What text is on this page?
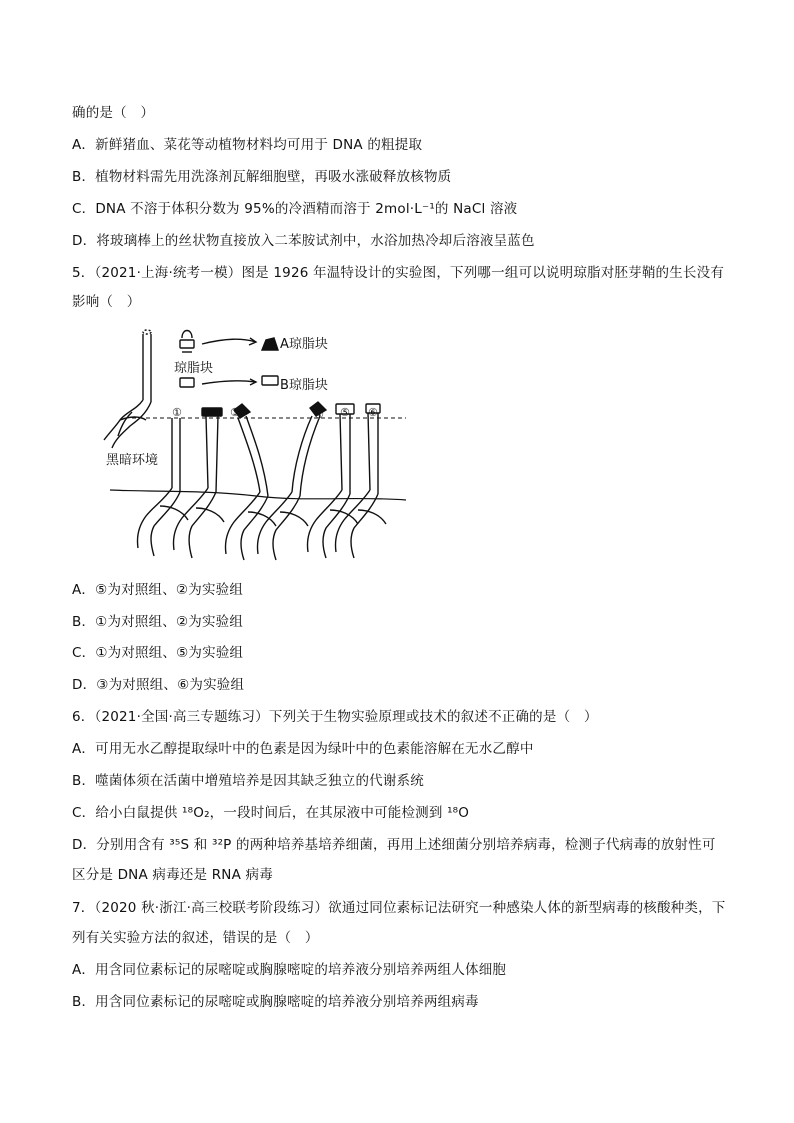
确的是（　）
A．新鲜猪血、菜花等动植物材料均可用于 DNA 的粗提取
B．植物材料需先用洗涤剂瓦解细胞壁，再吸水涨破释放核物质
C．DNA 不溶于体积分数为 95%的冷酒精而溶于 2mol·L⁻¹的 NaCl 溶液
D．将玻璃棒上的丝状物直接放入二苯胺试剂中，水浴加热冷却后溶液呈蓝色
5．（2021·上海·统考一模）图是 1926 年温特设计的实验图，下列哪一组可以说明琼脂对胚芽鞘的生长没有
影响（　）
琼脂块
A琼脂块
B琼脂块
黑暗环境
① ② ③	④ ⑤ ⑥
A．⑤为对照组、②为实验组
B．①为对照组、②为实验组
C．①为对照组、⑤为实验组
D．③为对照组、⑥为实验组
6．（2021·全国·高三专题练习）下列关于生物实验原理或技术的叙述不正确的是（　）
A．可用无水乙醇提取绿叶中的色素是因为绿叶中的色素能溶解在无水乙醇中
B．噬菌体须在活菌中增殖培养是因其缺乏独立的代谢系统
C．给小白鼠提供 ¹⁸O₂，一段时间后，在其尿液中可能检测到 ¹⁸O
D．分别用含有 ³⁵S 和 ³²P 的两种培养基培养细菌，再用上述细菌分别培养病毒，检测子代病毒的放射性可
区分是 DNA 病毒还是 RNA 病毒
7．（2020 秋·浙江·高三校联考阶段练习）欲通过同位素标记法研究一种感染人体的新型病毒的核酸种类，下
列有关实验方法的叙述，错误的是（　）
A．用含同位素标记的尿嘧啶或胸腺嘧啶的培养液分别培养两组人体细胞
B．用含同位素标记的尿嘧啶或胸腺嘧啶的培养液分别培养两组病毒
